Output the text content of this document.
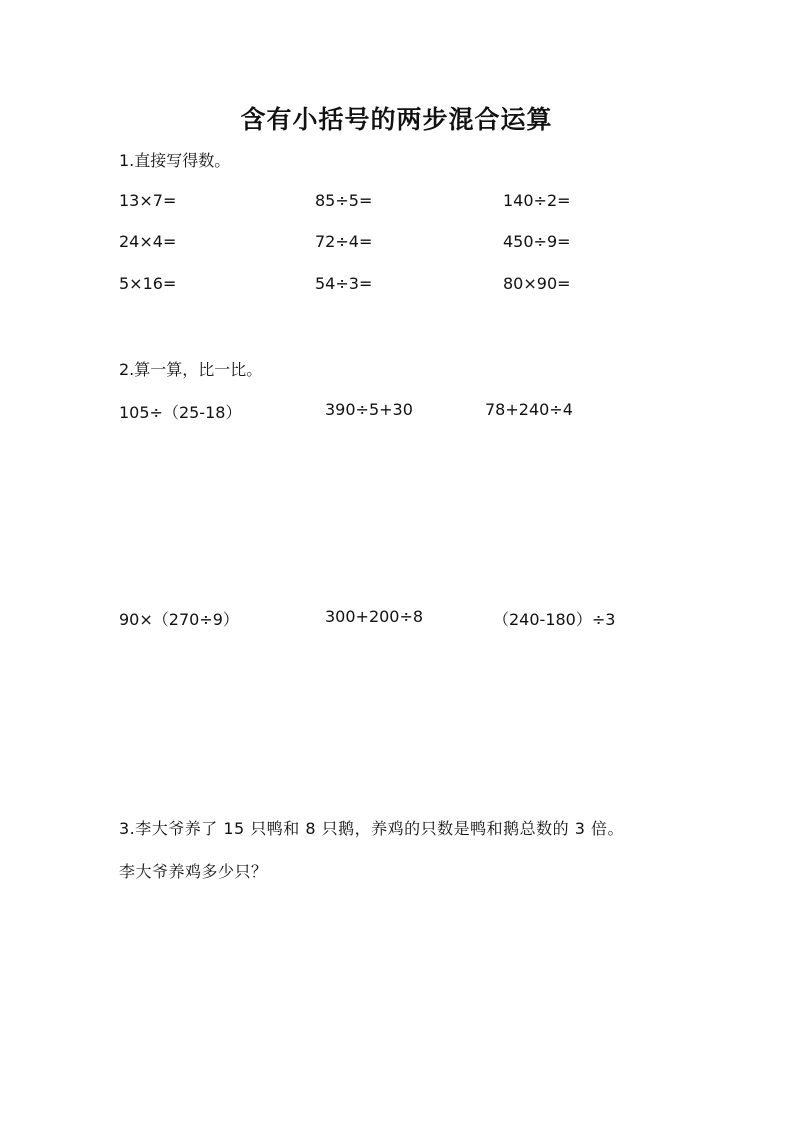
含有小括号的两步混合运算
1.直接写得数。
13×7=	85÷5=	140÷2=
24×4=	72÷4=	450÷9=
5×16=	54÷3=	80×90=
2.算一算，比一比。
105÷（25-18）	390÷5+30	78+240÷4
90×（270÷9）	300+200÷8	（240-180）÷3
3.李大爷养了 15 只鸭和 8 只鹅，养鸡的只数是鸭和鹅总数的 3 倍。
李大爷养鸡多少只？
